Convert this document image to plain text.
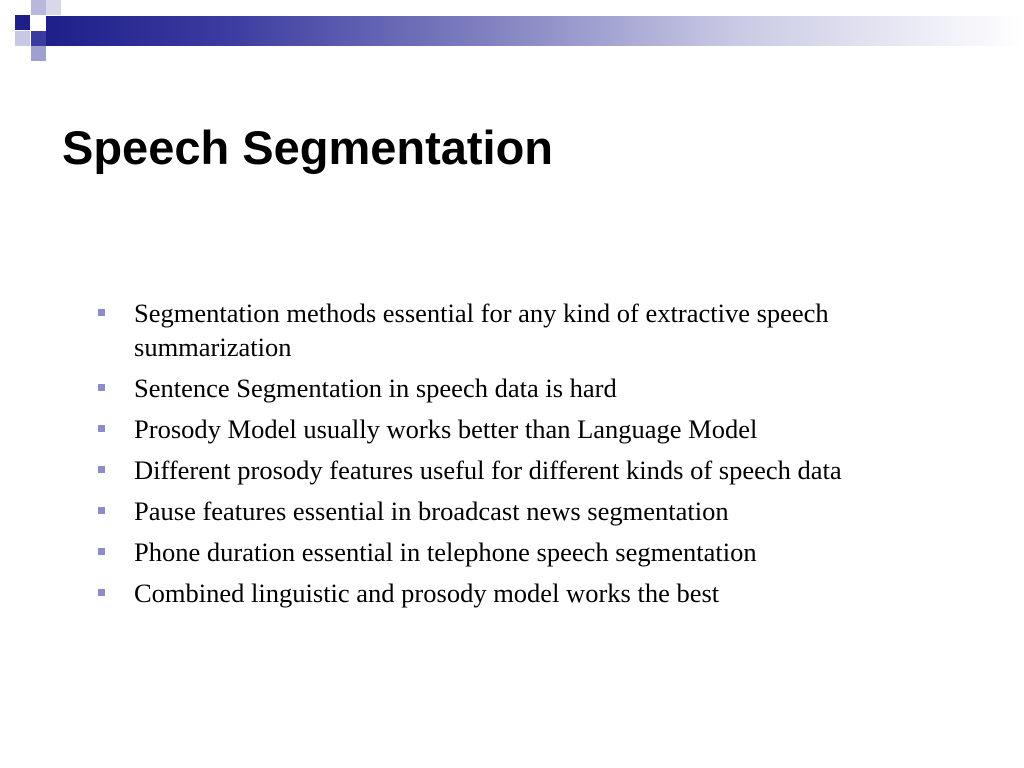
Speech Segmentation
Segmentation methods essential for any kind of extractive speech summarization
Sentence Segmentation in speech data is hard
Prosody Model usually works better than Language Model
Different prosody features useful for different kinds of speech data
Pause features essential in broadcast news segmentation
Phone duration essential in telephone speech segmentation
Combined linguistic and prosody model works the best
